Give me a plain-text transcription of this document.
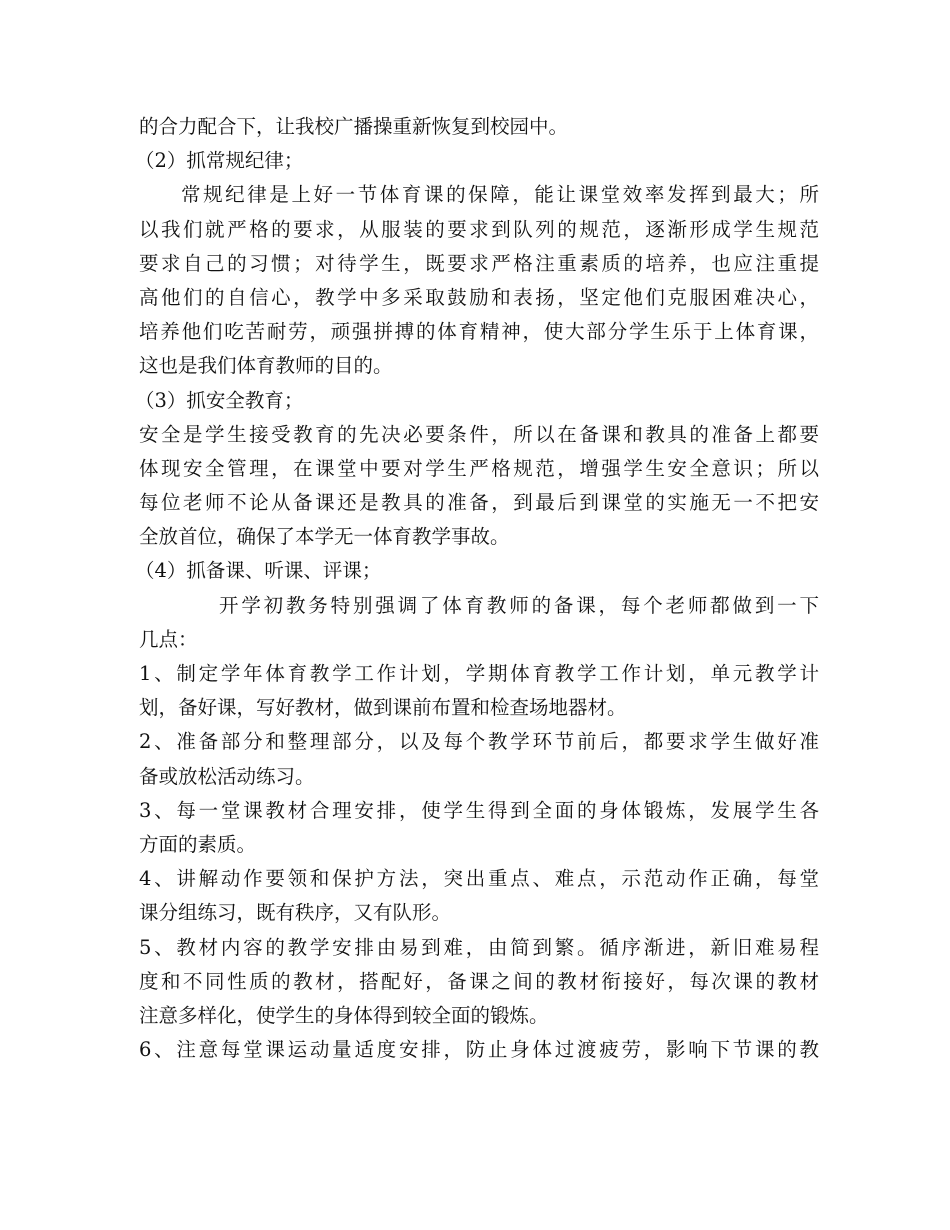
的合力配合下，让我校广播操重新恢复到校园中。
（2）抓常规纪律；
常规纪律是上好一节体育课的保障，能让课堂效率发挥到最大；所
以我们就严格的要求，从服装的要求到队列的规范，逐渐形成学生规范
要求自己的习惯；对待学生，既要求严格注重素质的培养，也应注重提
高他们的自信心，教学中多采取鼓励和表扬，坚定他们克服困难决心，
培养他们吃苦耐劳，顽强拼搏的体育精神，使大部分学生乐于上体育课，
这也是我们体育教师的目的。
（3）抓安全教育；
安全是学生接受教育的先决必要条件，所以在备课和教具的准备上都要
体现安全管理，在课堂中要对学生严格规范，增强学生安全意识；所以
每位老师不论从备课还是教具的准备，到最后到课堂的实施无一不把安
全放首位，确保了本学无一体育教学事故。
（4）抓备课、听课、评课；
开学初教务特别强调了体育教师的备课，每个老师都做到一下
几点：
1、制定学年体育教学工作计划，学期体育教学工作计划，单元教学计
划，备好课，写好教材，做到课前布置和检查场地器材。
2、准备部分和整理部分，以及每个教学环节前后，都要求学生做好准
备或放松活动练习。
3、每一堂课教材合理安排，使学生得到全面的身体锻炼，发展学生各
方面的素质。
4、讲解动作要领和保护方法，突出重点、难点，示范动作正确，每堂
课分组练习，既有秩序，又有队形。
5、教材内容的教学安排由易到难，由简到繁。循序渐进，新旧难易程
度和不同性质的教材，搭配好，备课之间的教材衔接好，每次课的教材
注意多样化，使学生的身体得到较全面的锻炼。
6、注意每堂课运动量适度安排，防止身体过渡疲劳，影响下节课的教
